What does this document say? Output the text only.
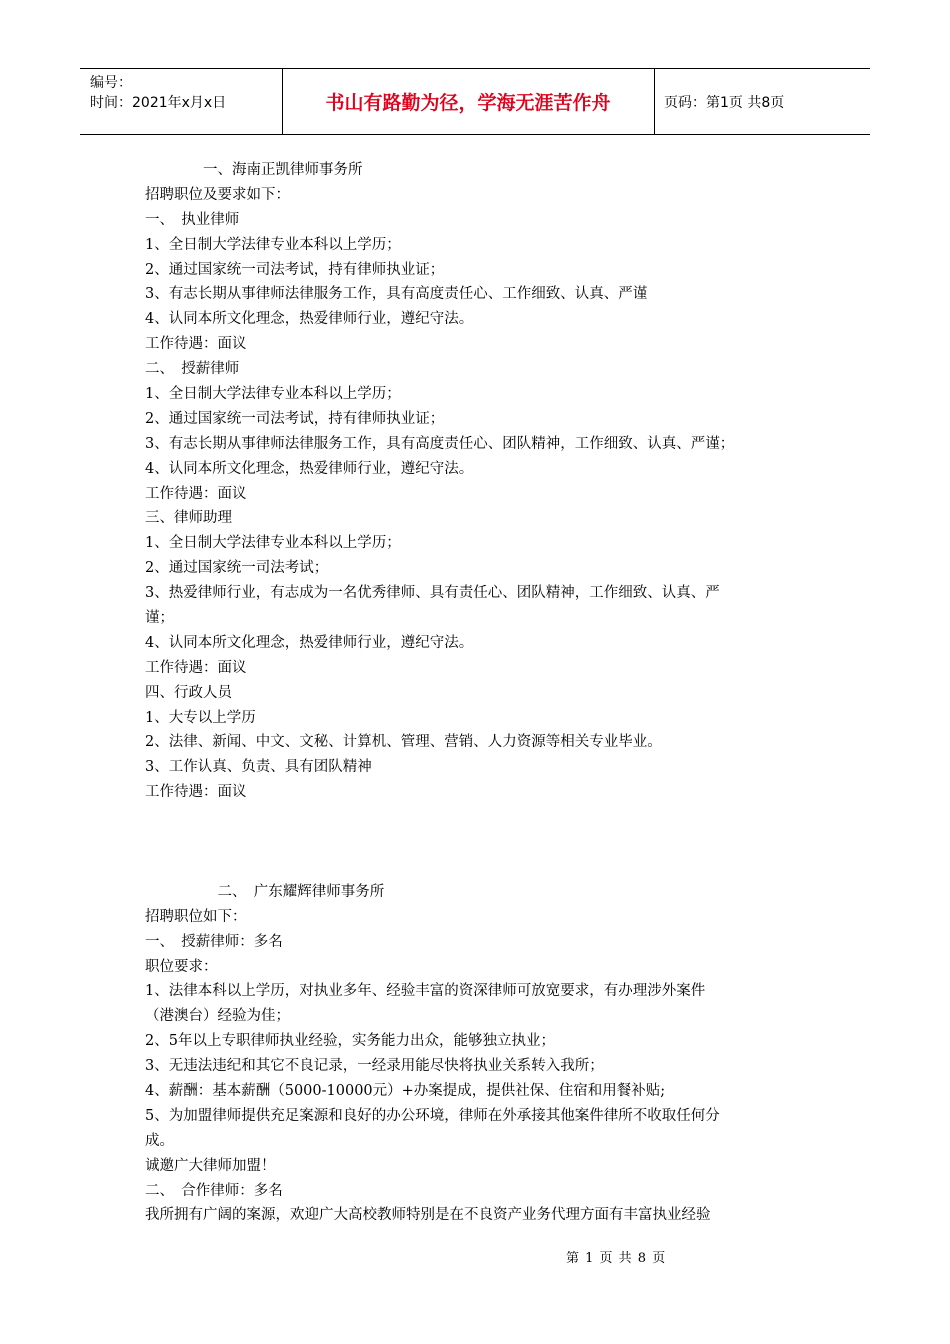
编号：
时间：2021年x月x日	书山有路勤为径，学海无涯苦作舟	页码：第1页 共8页
　　　　一、海南正凯律师事务所
招聘职位及要求如下：
一、　执业律师
1、全日制大学法律专业本科以上学历；
2、通过国家统一司法考试，持有律师执业证；
3、有志长期从事律师法律服务工作，具有高度责任心、工作细致、认真、严谨
4、认同本所文化理念，热爱律师行业，遵纪守法。
工作待遇：面议
二、　授薪律师
1、全日制大学法律专业本科以上学历；
2、通过国家统一司法考试，持有律师执业证；
3、有志长期从事律师法律服务工作，具有高度责任心、团队精神，工作细致、认真、严谨；
4、认同本所文化理念，热爱律师行业，遵纪守法。
工作待遇：面议
三、律师助理
1、全日制大学法律专业本科以上学历；
2、通过国家统一司法考试；
3、热爱律师行业，有志成为一名优秀律师、具有责任心、团队精神，工作细致、认真、严
谨；
4、认同本所文化理念，热爱律师行业，遵纪守法。
工作待遇：面议
四、行政人员
1、大专以上学历
2、法律、新闻、中文、文秘、计算机、管理、营销、人力资源等相关专业毕业。
3、工作认真、负责、具有团队精神
工作待遇：面议
　　　　　二、　广东耀辉律师事务所
招聘职位如下：
一、　授薪律师：多名
职位要求：
1、法律本科以上学历，对执业多年、经验丰富的资深律师可放宽要求，有办理涉外案件
（港澳台）经验为佳；
2、5年以上专职律师执业经验，实务能力出众，能够独立执业；
3、无违法违纪和其它不良记录，一经录用能尽快将执业关系转入我所；
4、薪酬：基本薪酬（5000-10000元）+办案提成，提供社保、住宿和用餐补贴;
5、为加盟律师提供充足案源和良好的办公环境，律师在外承接其他案件律所不收取任何分
成。
诚邀广大律师加盟！
二、　合作律师：多名
我所拥有广阔的案源，欢迎广大高校教师特别是在不良资产业务代理方面有丰富执业经验
第 1 页 共 8 页
